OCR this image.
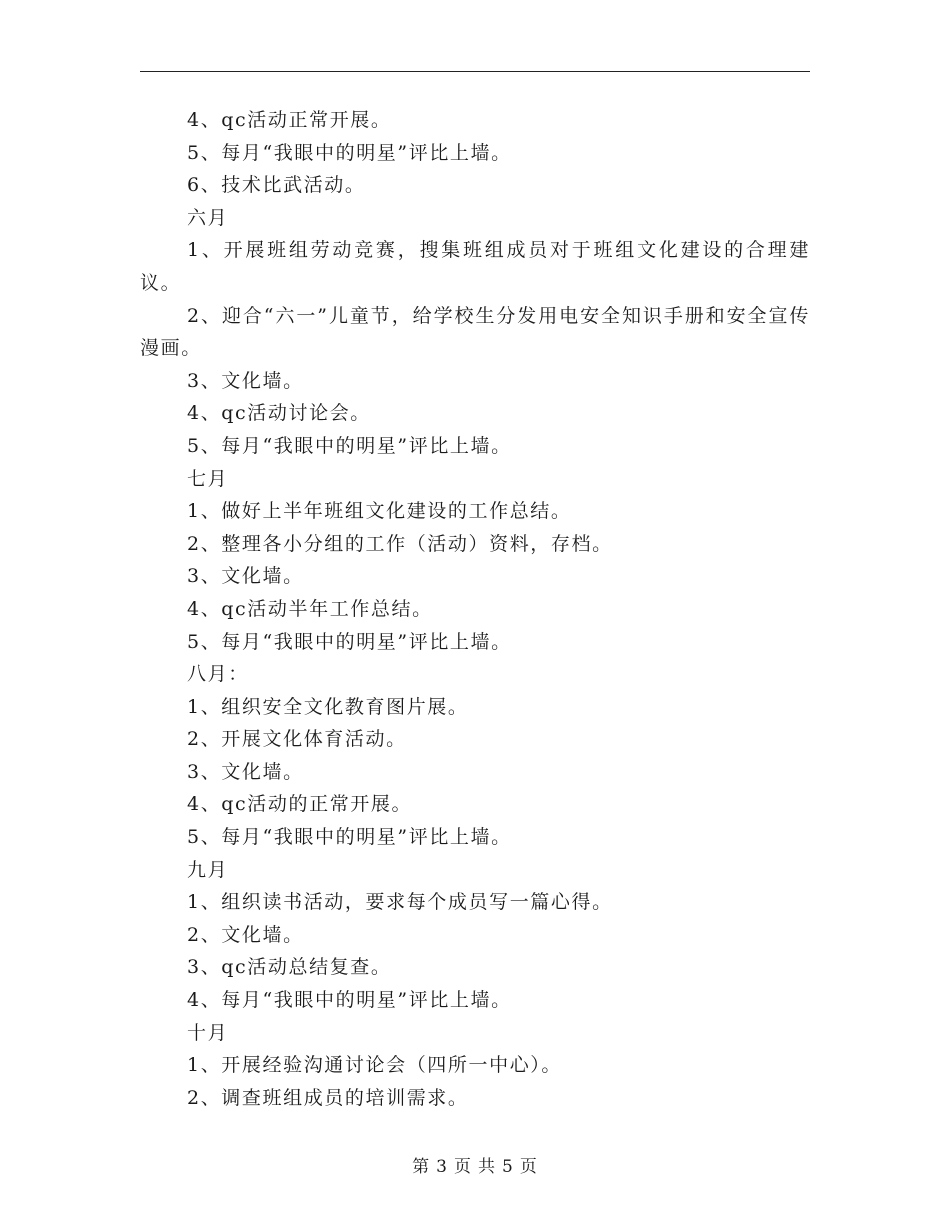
4、qc活动正常开展。

5、每月“我眼中的明星”评比上墙。

6、技术比武活动。

六月

1、开展班组劳动竞赛，搜集班组成员对于班组文化建设的合理建议。

2、迎合“六一”儿童节，给学校生分发用电安全知识手册和安全宣传漫画。

3、文化墙。

4、qc活动讨论会。

5、每月“我眼中的明星”评比上墙。

七月

1、做好上半年班组文化建设的工作总结。

2、整理各小分组的工作（活动）资料，存档。

3、文化墙。

4、qc活动半年工作总结。

5、每月“我眼中的明星”评比上墙。

八月：

1、组织安全文化教育图片展。

2、开展文化体育活动。

3、文化墙。

4、qc活动的正常开展。

5、每月“我眼中的明星”评比上墙。

九月

1、组织读书活动，要求每个成员写一篇心得。

2、文化墙。

3、qc活动总结复查。

4、每月“我眼中的明星”评比上墙。

十月

1、开展经验沟通讨论会（四所一中心）。

2、调查班组成员的培训需求。

第 3 页 共 5 页
